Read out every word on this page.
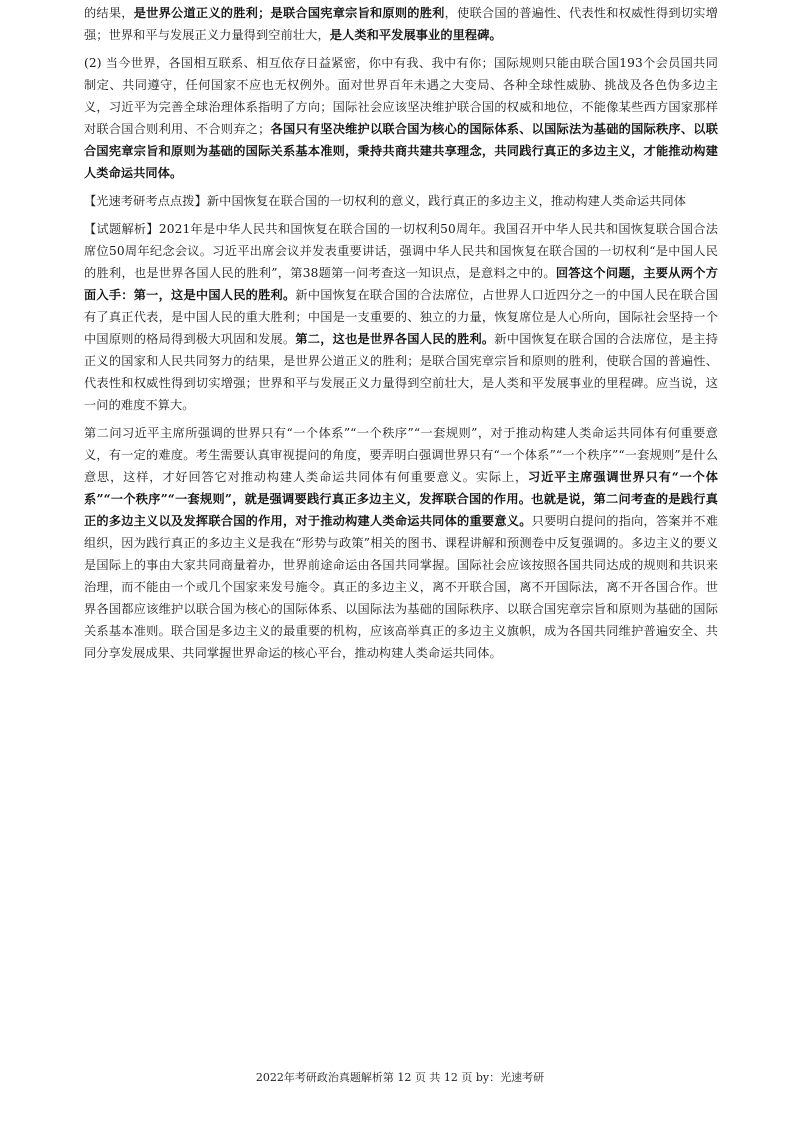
的结果，是世界公道正义的胜利；是联合国宪章宗旨和原则的胜利，使联合国的普遍性、代表性和权威性得到切实增强；世界和平与发展正义力量得到空前壮大，是人类和平发展事业的里程碑。

(2) 当今世界，各国相互联系、相互依存日益紧密，你中有我、我中有你；国际规则只能由联合国193个会员国共同制定、共同遵守，任何国家不应也无权例外。面对世界百年未遇之大变局、各种全球性威胁、挑战及各色伪多边主义，习近平为完善全球治理体系指明了方向；国际社会应该坚决维护联合国的权威和地位，不能像某些西方国家那样对联合国合则利用、不合则弃之；各国只有坚决维护以联合国为核心的国际体系、以国际法为基础的国际秩序、以联合国宪章宗旨和原则为基础的国际关系基本准则，秉持共商共建共享理念，共同践行真正的多边主义，才能推动构建人类命运共同体。

【光速考研考点点拨】新中国恢复在联合国的一切权利的意义，践行真正的多边主义，推动构建人类命运共同体

【试题解析】2021年是中华人民共和国恢复在联合国的一切权利50周年。我国召开中华人民共和国恢复联合国合法席位50周年纪念会议。习近平出席会议并发表重要讲话，强调中华人民共和国恢复在联合国的一切权利“是中国人民的胜利，也是世界各国人民的胜利”，第38题第一问考查这一知识点，是意料之中的。回答这个问题，主要从两个方面入手：第一，这是中国人民的胜利。新中国恢复在联合国的合法席位，占世界人口近四分之一的中国人民在联合国有了真正代表，是中国人民的重大胜利；中国是一支重要的、独立的力量，恢复席位是人心所向，国际社会坚持一个中国原则的格局得到极大巩固和发展。第二，这也是世界各国人民的胜利。新中国恢复在联合国的合法席位，是主持正义的国家和人民共同努力的结果，是世界公道正义的胜利；是联合国宪章宗旨和原则的胜利，使联合国的普遍性、代表性和权威性得到切实增强；世界和平与发展正义力量得到空前壮大，是人类和平发展事业的里程碑。应当说，这一问的难度不算大。

第二问习近平主席所强调的世界只有“一个体系”“一个秩序”“一套规则”，对于推动构建人类命运共同体有何重要意义，有一定的难度。考生需要认真审视提问的角度，要弄明白强调世界只有“一个体系”“一个秩序”“一套规则”是什么意思，这样，才好回答它对推动构建人类命运共同体有何重要意义。实际上，习近平主席强调世界只有“一个体系”“一个秩序”“一套规则”，就是强调要践行真正多边主义，发挥联合国的作用。也就是说，第二问考查的是践行真正的多边主义以及发挥联合国的作用，对于推动构建人类命运共同体的重要意义。只要明白提问的指向，答案并不难组织，因为践行真正的多边主义是我在“形势与政策”相关的图书、课程讲解和预测卷中反复强调的。多边主义的要义是国际上的事由大家共同商量着办，世界前途命运由各国共同掌握。国际社会应该按照各国共同达成的规则和共识来治理，而不能由一个或几个国家来发号施令。真正的多边主义，离不开联合国，离不开国际法，离不开各国合作。世界各国都应该维护以联合国为核心的国际体系、以国际法为基础的国际秩序、以联合国宪章宗旨和原则为基础的国际关系基本准则。联合国是多边主义的最重要的机构，应该高举真正的多边主义旗帜，成为各国共同维护普遍安全、共同分享发展成果、共同掌握世界命运的核心平台，推动构建人类命运共同体。

2022年考研政治真题解析第 12 页 共 12 页 by：光速考研
